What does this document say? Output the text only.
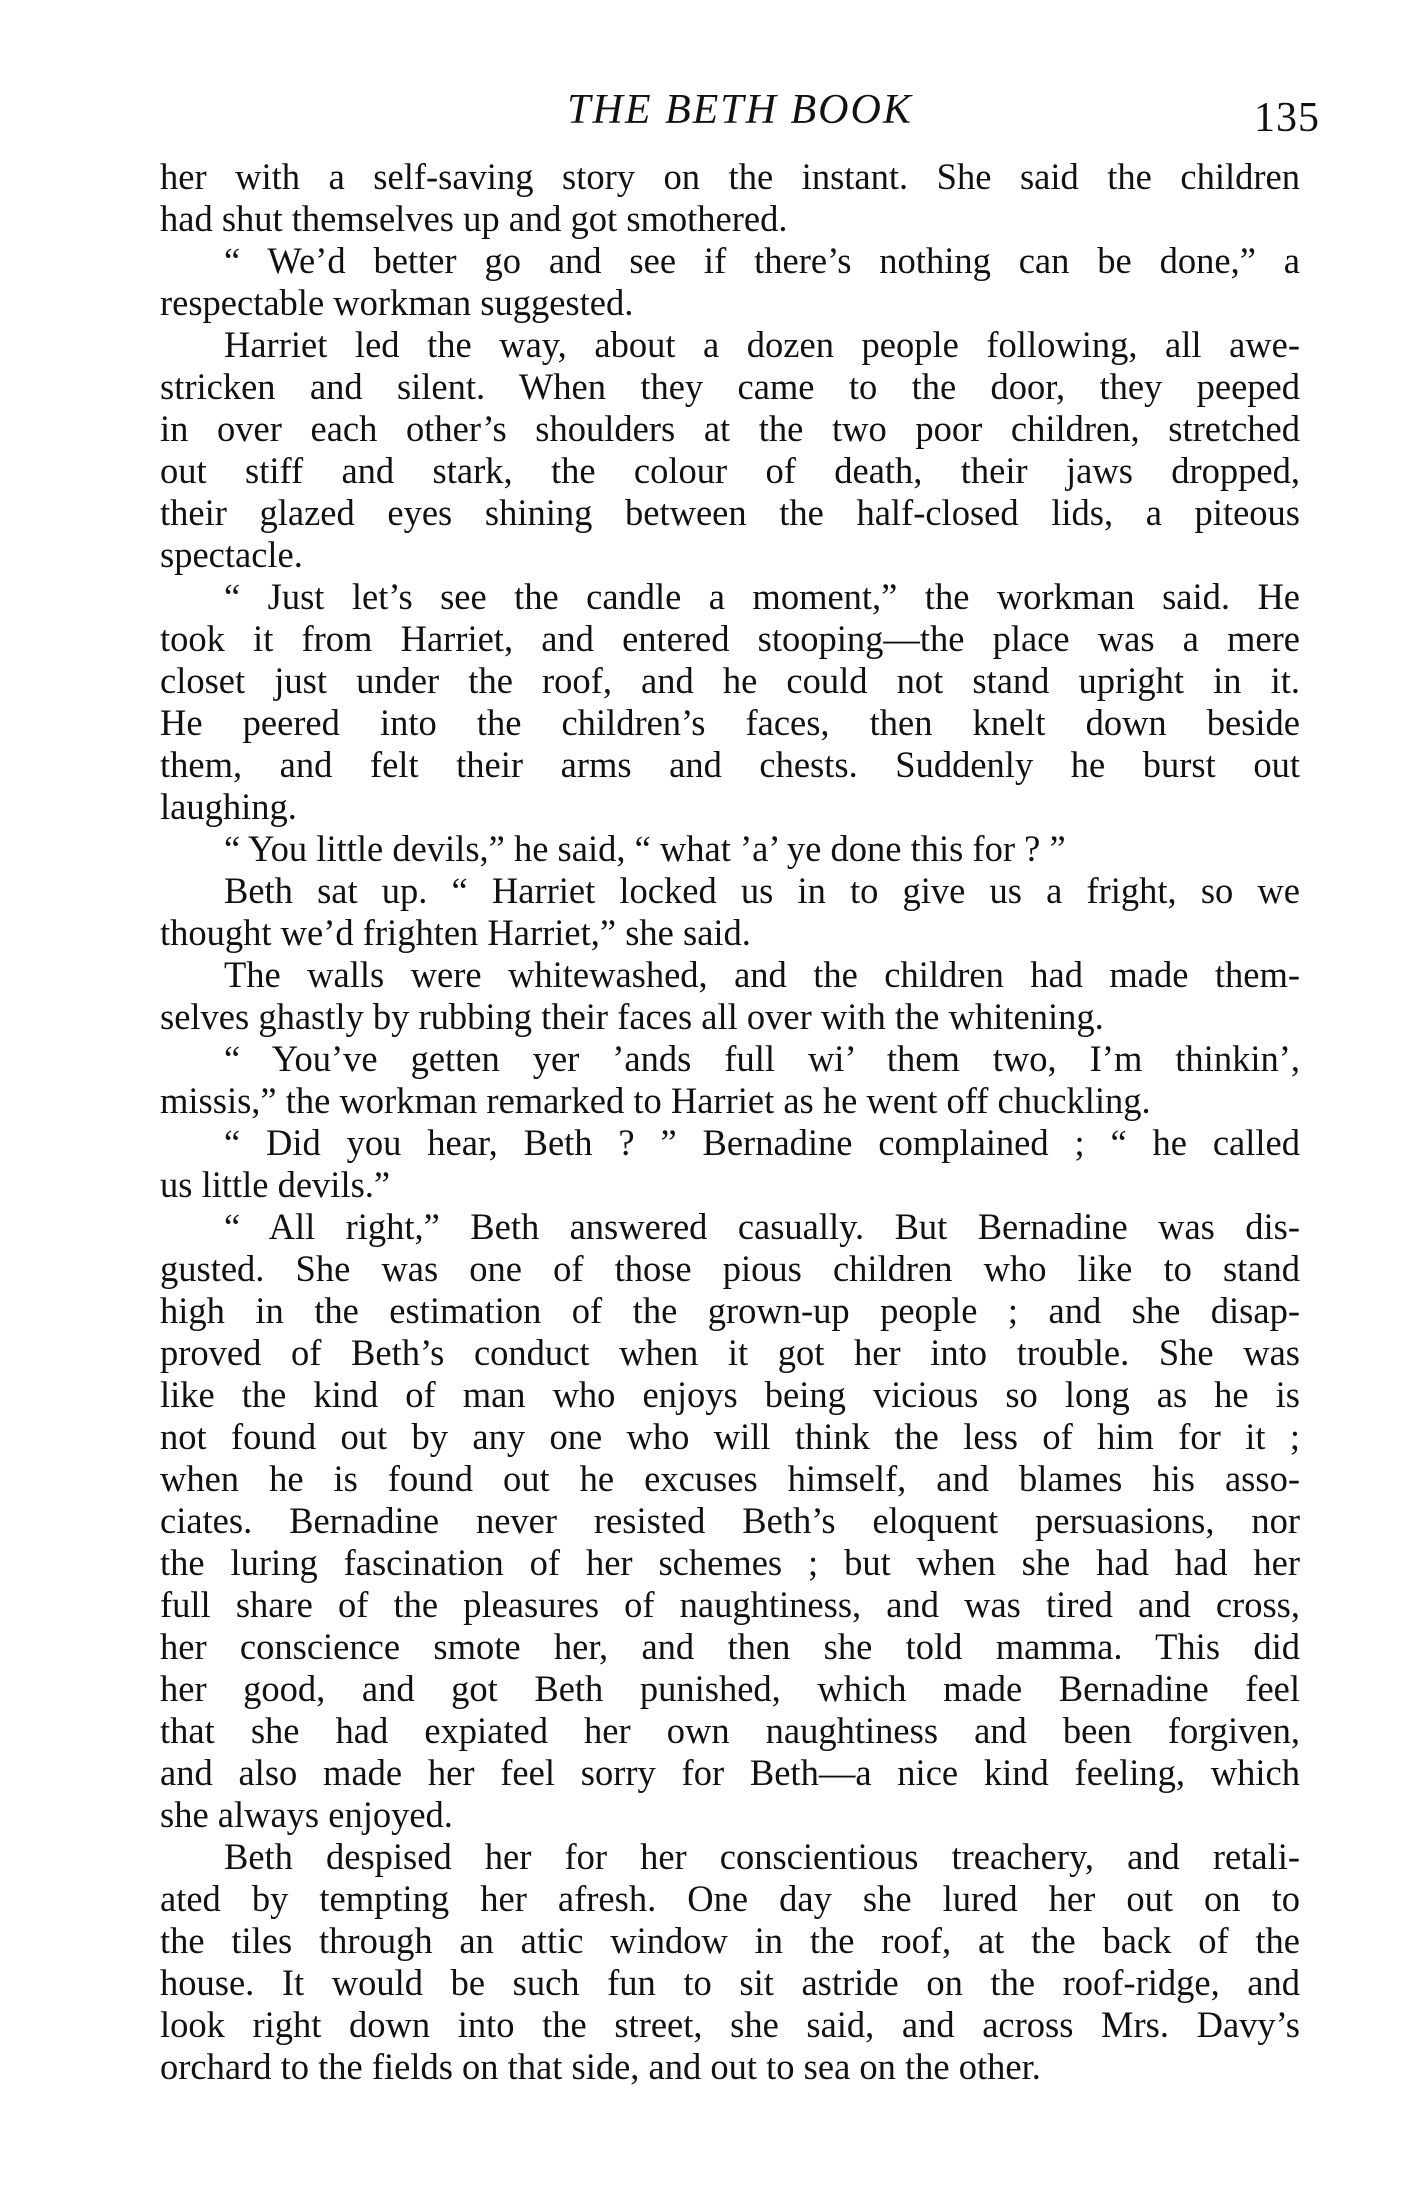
THE BETH BOOK	135
her with a self-saving story on the instant. She said the children
had shut themselves up and got smothered.
“ We’d better go and see if there’s nothing can be done,” a
respectable workman suggested.
Harriet led the way, about a dozen people following, all awe-
stricken and silent. When they came to the door, they peeped
in over each other’s shoulders at the two poor children, stretched
out stiff and stark, the colour of death, their jaws dropped,
their glazed eyes shining between the half-closed lids, a piteous
spectacle.
“ Just let’s see the candle a moment,” the workman said. He
took it from Harriet, and entered stooping—the place was a mere
closet just under the roof, and he could not stand upright in it.
He peered into the children’s faces, then knelt down beside
them, and felt their arms and chests. Suddenly he burst out
laughing.
“ You little devils,” he said, “ what ’a’ ye done this for ? ”
Beth sat up. “ Harriet locked us in to give us a fright, so we
thought we’d frighten Harriet,” she said.
The walls were whitewashed, and the children had made them-
selves ghastly by rubbing their faces all over with the whitening.
“ You’ve getten yer ’ands full wi’ them two, I’m thinkin’,
missis,” the workman remarked to Harriet as he went off chuckling.
“ Did you hear, Beth ? ” Bernadine complained ; “ he called
us little devils.”
“ All right,” Beth answered casually. But Bernadine was dis-
gusted. She was one of those pious children who like to stand
high in the estimation of the grown-up people ; and she disap-
proved of Beth’s conduct when it got her into trouble. She was
like the kind of man who enjoys being vicious so long as he is
not found out by any one who will think the less of him for it ;
when he is found out he excuses himself, and blames his asso-
ciates. Bernadine never resisted Beth’s eloquent persuasions, nor
the luring fascination of her schemes ; but when she had had her
full share of the pleasures of naughtiness, and was tired and cross,
her conscience smote her, and then she told mamma. This did
her good, and got Beth punished, which made Bernadine feel
that she had expiated her own naughtiness and been forgiven,
and also made her feel sorry for Beth—a nice kind feeling, which
she always enjoyed.
Beth despised her for her conscientious treachery, and retali-
ated by tempting her afresh. One day she lured her out on to
the tiles through an attic window in the roof, at the back of the
house. It would be such fun to sit astride on the roof-ridge, and
look right down into the street, she said, and across Mrs. Davy’s
orchard to the fields on that side, and out to sea on the other.
